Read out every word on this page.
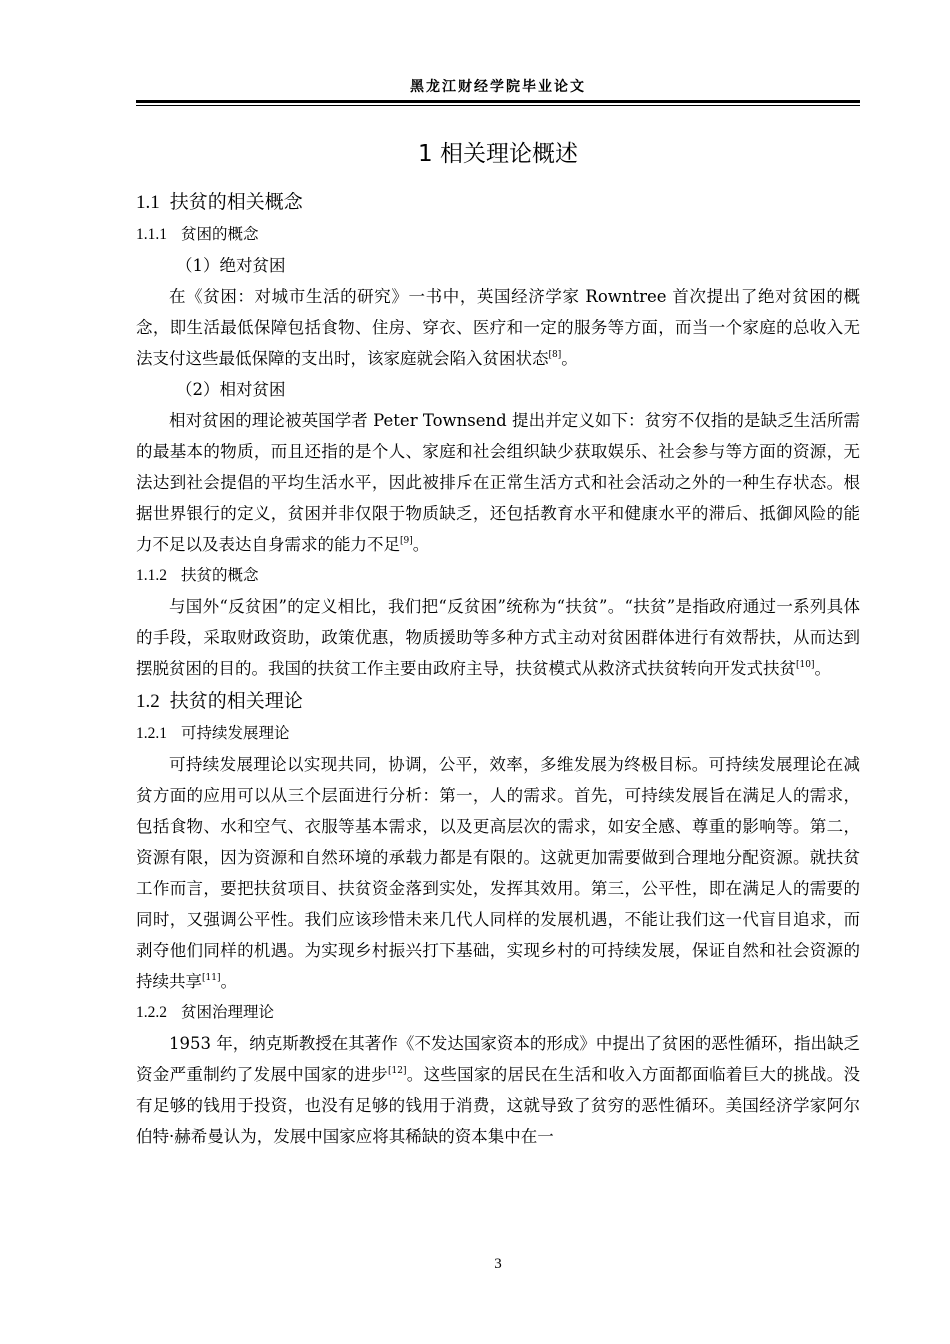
黑龙江财经学院毕业论文
1 相关理论概述
1.1 扶贫的相关概念
1.1.1 贫困的概念
（1）绝对贫困

在《贫困：对城市生活的研究》一书中，英国经济学家 Rowntree 首次提出了绝对贫困的概念，即生活最低保障包括食物、住房、穿衣、医疗和一定的服务等方面，而当一个家庭的总收入无法支付这些最低保障的支出时，该家庭就会陷入贫困状态[8]。

（2）相对贫困

相对贫困的理论被英国学者 Peter Townsend 提出并定义如下：贫穷不仅指的是缺乏生活所需的最基本的物质，而且还指的是个人、家庭和社会组织缺少获取娱乐、社会参与等方面的资源，无法达到社会提倡的平均生活水平，因此被排斥在正常生活方式和社会活动之外的一种生存状态。根据世界银行的定义，贫困并非仅限于物质缺乏，还包括教育水平和健康水平的滞后、抵御风险的能力不足以及表达自身需求的能力不足[9]。

1.1.2 扶贫的概念

与国外“反贫困”的定义相比，我们把“反贫困”统称为“扶贫”。“扶贫”是指政府通过一系列具体的手段，采取财政资助，政策优惠，物质援助等多种方式主动对贫困群体进行有效帮扶，从而达到摆脱贫困的目的。我国的扶贫工作主要由政府主导，扶贫模式从救济式扶贫转向开发式扶贫[10]。

1.2 扶贫的相关理论
1.2.1 可持续发展理论

可持续发展理论以实现共同，协调，公平，效率，多维发展为终极目标。可持续发展理论在减贫方面的应用可以从三个层面进行分析：第一，人的需求。首先，可持续发展旨在满足人的需求，包括食物、水和空气、衣服等基本需求，以及更高层次的需求，如安全感、尊重的影响等。第二，资源有限，因为资源和自然环境的承载力都是有限的。这就更加需要做到合理地分配资源。就扶贫工作而言，要把扶贫项目、扶贫资金落到实处，发挥其效用。第三，公平性，即在满足人的需要的同时，又强调公平性。我们应该珍惜未来几代人同样的发展机遇，不能让我们这一代盲目追求，而剥夺他们同样的机遇。为实现乡村振兴打下基础，实现乡村的可持续发展，保证自然和社会资源的持续共享[11]。

1.2.2 贫困治理理论

1953 年，纳克斯教授在其著作《不发达国家资本的形成》中提出了贫困的恶性循环，指出缺乏资金严重制约了发展中国家的进步[12]。这些国家的居民在生活和收入方面都面临着巨大的挑战。没有足够的钱用于投资，也没有足够的钱用于消费，这就导致了贫穷的恶性循环。美国经济学家阿尔伯特·赫希曼认为，发展中国家应将其稀缺的资本集中在一

3
